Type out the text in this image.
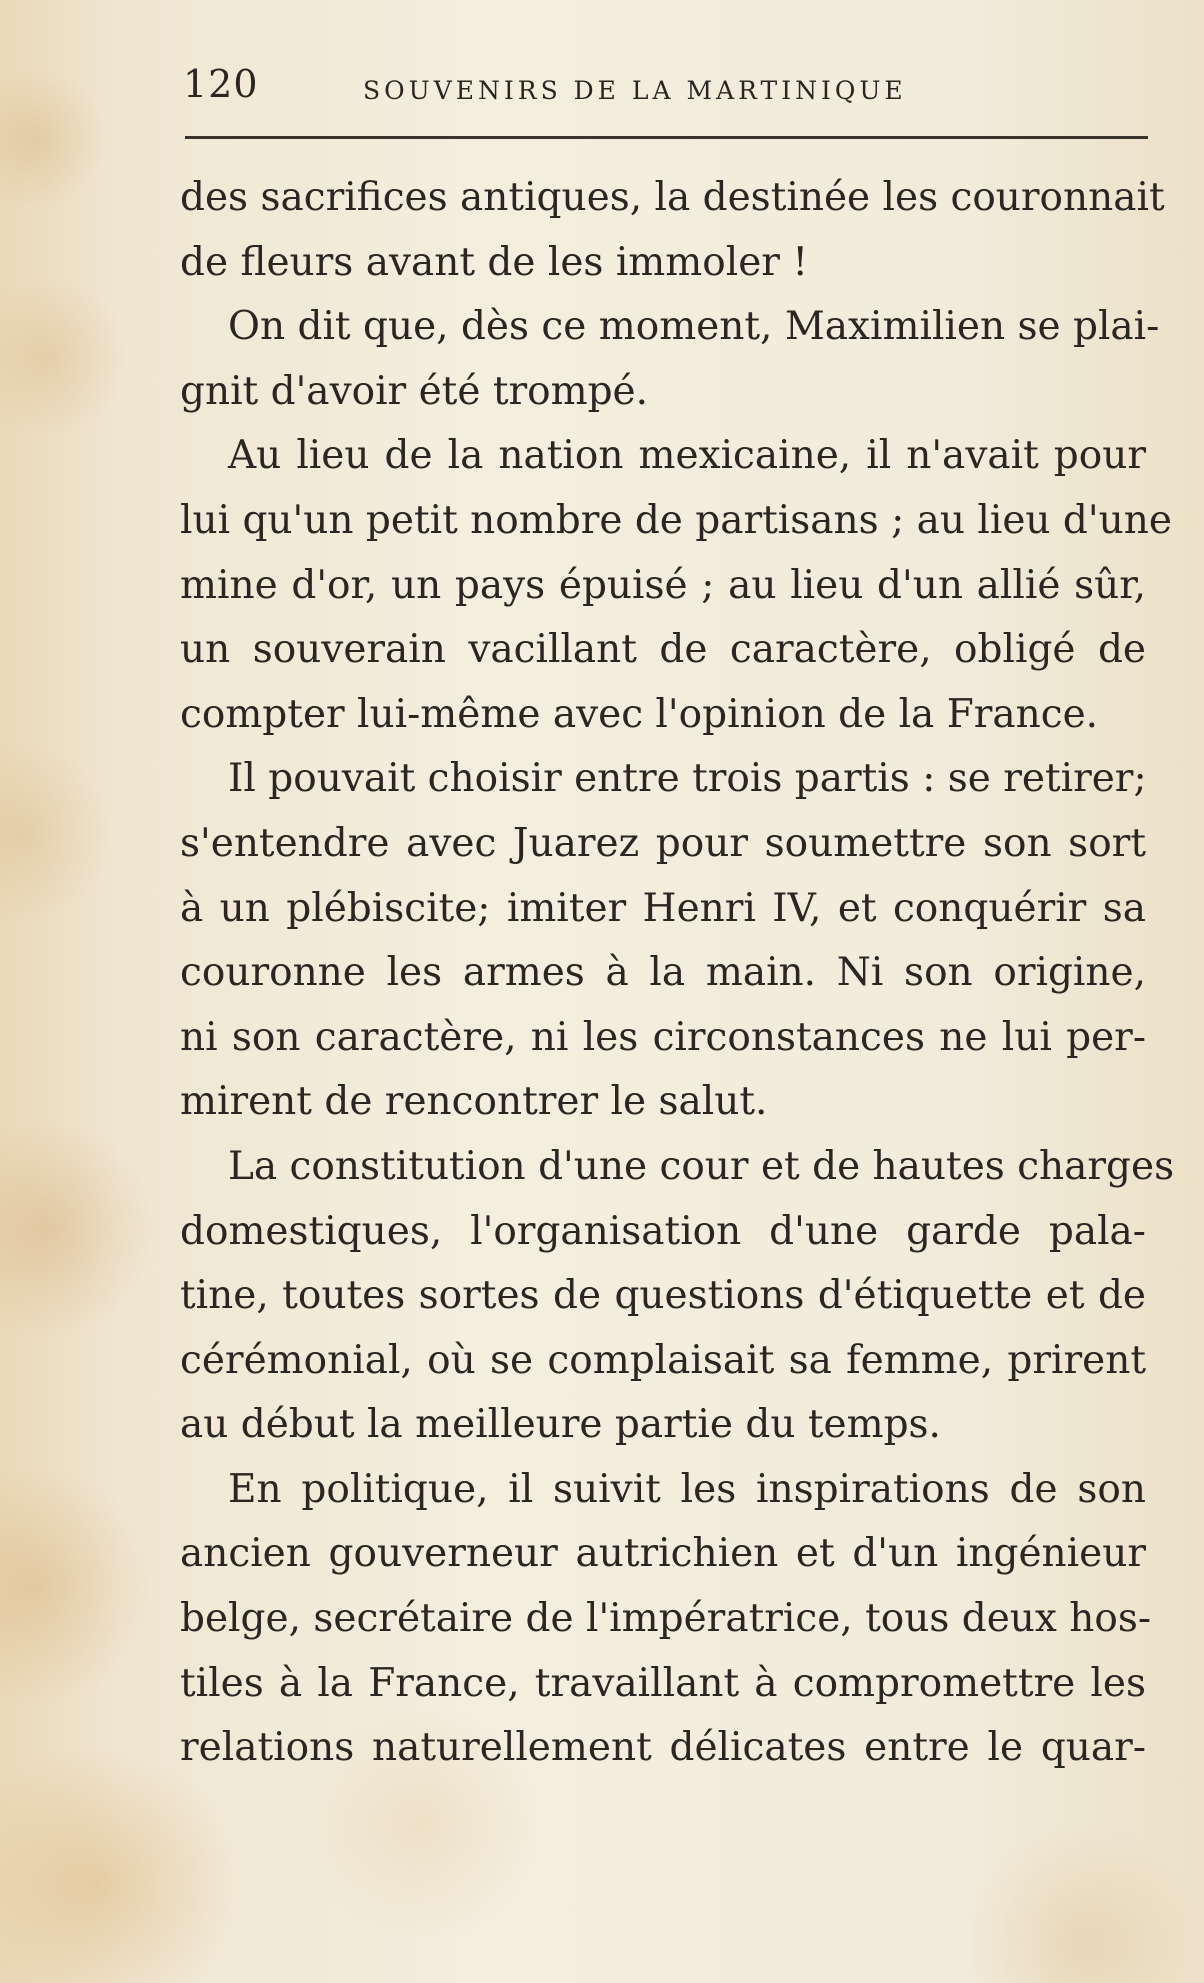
120	SOUVENIRS DE LA MARTINIQUE
des sacrifices antiques, la destinée les couronnait
de fleurs avant de les immoler !
On dit que, dès ce moment, Maximilien se plai-
gnit d'avoir été trompé.
Au lieu de la nation mexicaine, il n'avait pour
lui qu'un petit nombre de partisans ; au lieu d'une
mine d'or, un pays épuisé ; au lieu d'un allié sûr,
un souverain vacillant de caractère, obligé de
compter lui-même avec l'opinion de la France.
Il pouvait choisir entre trois partis : se retirer;
s'entendre avec Juarez pour soumettre son sort
à un plébiscite; imiter Henri IV, et conquérir sa
couronne les armes à la main. Ni son origine,
ni son caractère, ni les circonstances ne lui per-
mirent de rencontrer le salut.
La constitution d'une cour et de hautes charges
domestiques, l'organisation d'une garde pala-
tine, toutes sortes de questions d'étiquette et de
cérémonial, où se complaisait sa femme, prirent
au début la meilleure partie du temps.
En politique, il suivit les inspirations de son
ancien gouverneur autrichien et d'un ingénieur
belge, secrétaire de l'impératrice, tous deux hos-
tiles à la France, travaillant à compromettre les
relations naturellement délicates entre le quar-
